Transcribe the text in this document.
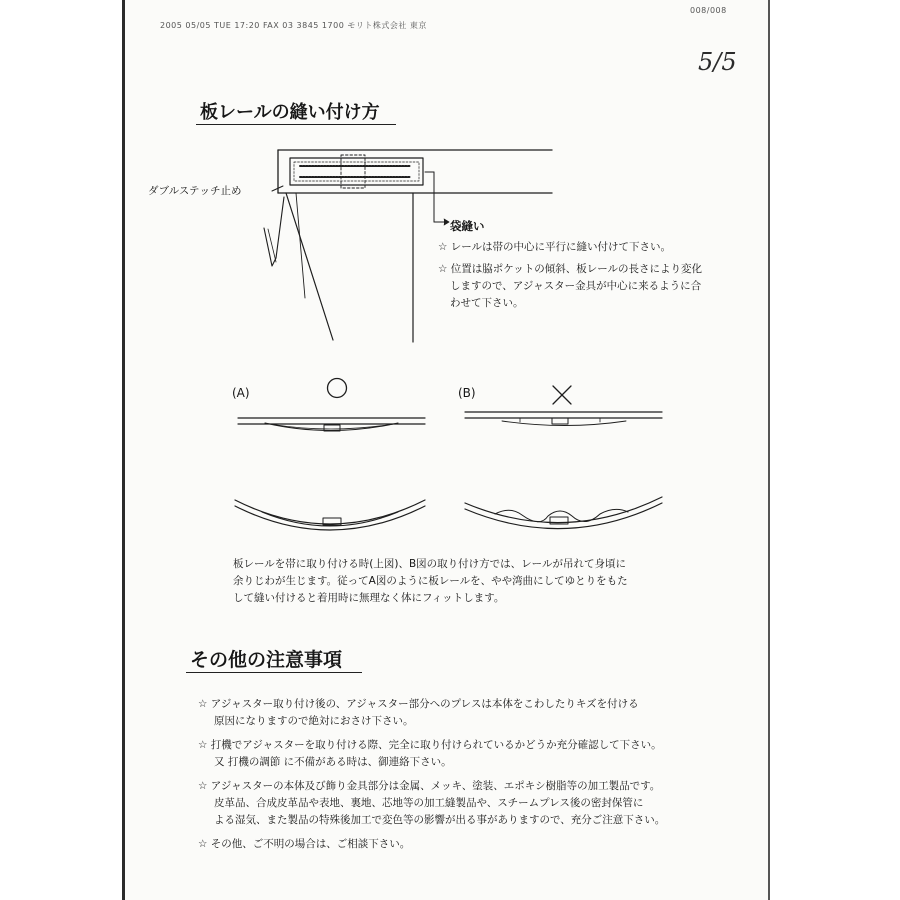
2005 05/05 TUE 17:20 FAX 03 3845 1700 モリト株式会社 東京
008/008
5/5
板レールの縫い付け方
ダブルステッチ止め
袋縫い
☆ レールは帯の中心に平行に縫い付けて下さい。
☆ 位置は脇ポケットの傾斜、板レールの長さにより変化
しますので、アジャスター金具が中心に来るように合
わせて下さい。
(A)	(B)
板レールを帯に取り付ける時(上図)、B図の取り付け方では、レールが吊れて身頃に
余りじわが生じます。従ってA図のように板レールを、やや湾曲にしてゆとりをもた
して縫い付けると着用時に無理なく体にフィットします。
その他の注意事項
☆ アジャスター取り付け後の、アジャスター部分へのプレスは本体をこわしたりキズを付ける
原因になりますので絶対におさけ下さい。
☆ 打機でアジャスターを取り付ける際、完全に取り付けられているかどうか充分確認して下さい。
又 打機の調節 に不備がある時は、御連絡下さい。
☆ アジャスターの本体及び飾り金具部分は金属、メッキ、塗装、エポキシ樹脂等の加工製品です。
皮革品、合成皮革品や表地、裏地、芯地等の加工縫製品や、スチームプレス後の密封保管に
よる湿気、また製品の特殊後加工で変色等の影響が出る事がありますので、充分ご注意下さい。
☆ その他、ご不明の場合は、ご相談下さい。
